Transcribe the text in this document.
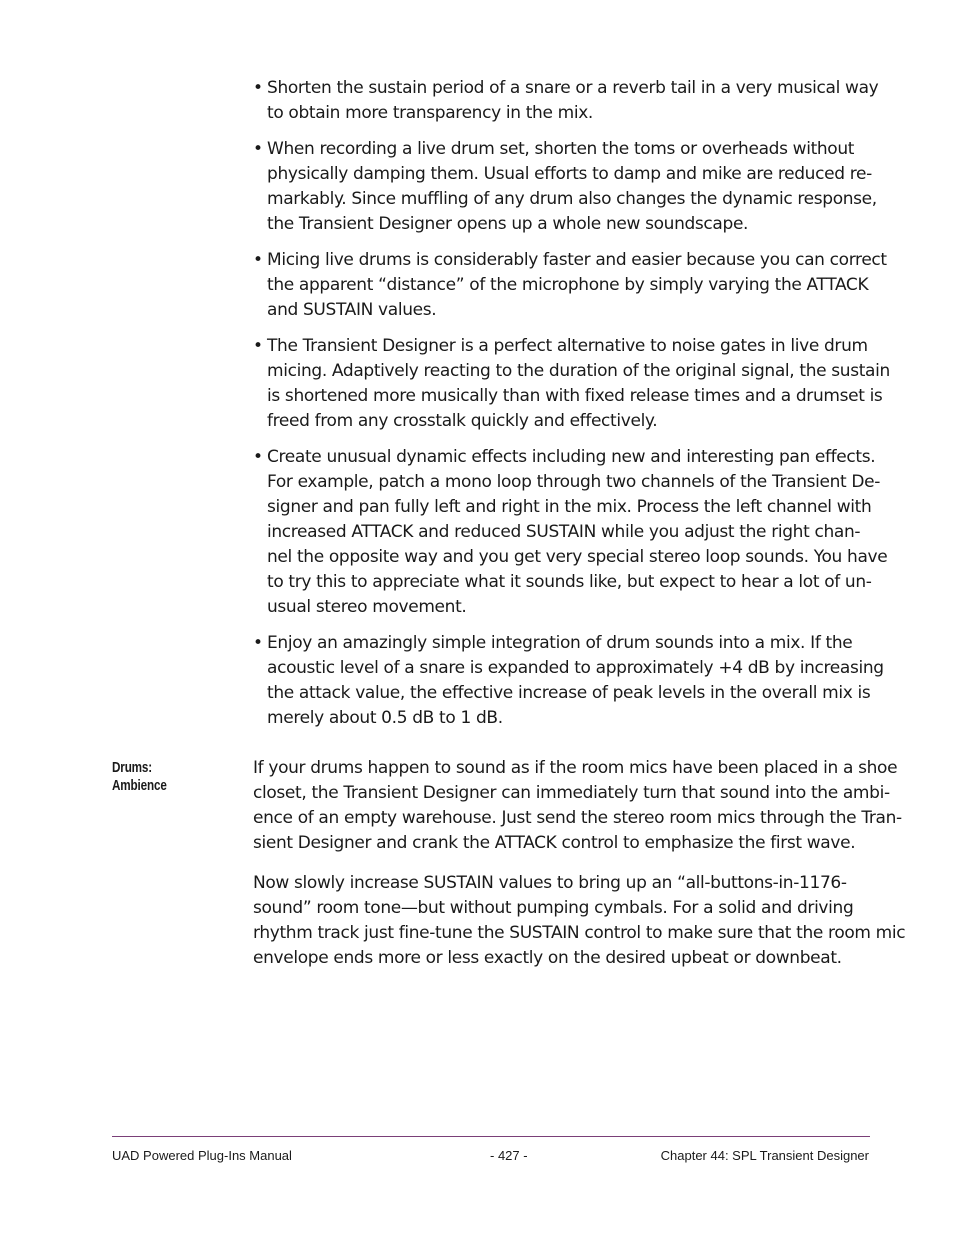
• Shorten the sustain period of a snare or a reverb tail in a very musical way
to obtain more transparency in the mix.
• When recording a live drum set, shorten the toms or overheads without
physically damping them. Usual efforts to damp and mike are reduced re-
markably. Since muffling of any drum also changes the dynamic response,
the Transient Designer opens up a whole new soundscape.
• Micing live drums is considerably faster and easier because you can correct
the apparent “distance” of the microphone by simply varying the ATTACK
and SUSTAIN values.
• The Transient Designer is a perfect alternative to noise gates in live drum
micing. Adaptively reacting to the duration of the original signal, the sustain
is shortened more musically than with fixed release times and a drumset is
freed from any crosstalk quickly and effectively.
• Create unusual dynamic effects including new and interesting pan effects.
For example, patch a mono loop through two channels of the Transient De-
signer and pan fully left and right in the mix. Process the left channel with
increased ATTACK and reduced SUSTAIN while you adjust the right chan-
nel the opposite way and you get very special stereo loop sounds. You have
to try this to appreciate what it sounds like, but expect to hear a lot of un-
usual stereo movement.
• Enjoy an amazingly simple integration of drum sounds into a mix. If the
acoustic level of a snare is expanded to approximately +4 dB by increasing
the attack value, the effective increase of peak levels in the overall mix is
merely about 0.5 dB to 1 dB.
Drums:
Ambience
If your drums happen to sound as if the room mics have been placed in a shoe
closet, the Transient Designer can immediately turn that sound into the ambi-
ence of an empty warehouse. Just send the stereo room mics through the Tran-
sient Designer and crank the ATTACK control to emphasize the first wave.
Now slowly increase SUSTAIN values to bring up an “all-buttons-in-1176-
sound” room tone—but without pumping cymbals. For a solid and driving
rhythm track just fine-tune the SUSTAIN control to make sure that the room mic
envelope ends more or less exactly on the desired upbeat or downbeat.
UAD Powered Plug-Ins Manual	- 427 -	Chapter 44: SPL Transient Designer
